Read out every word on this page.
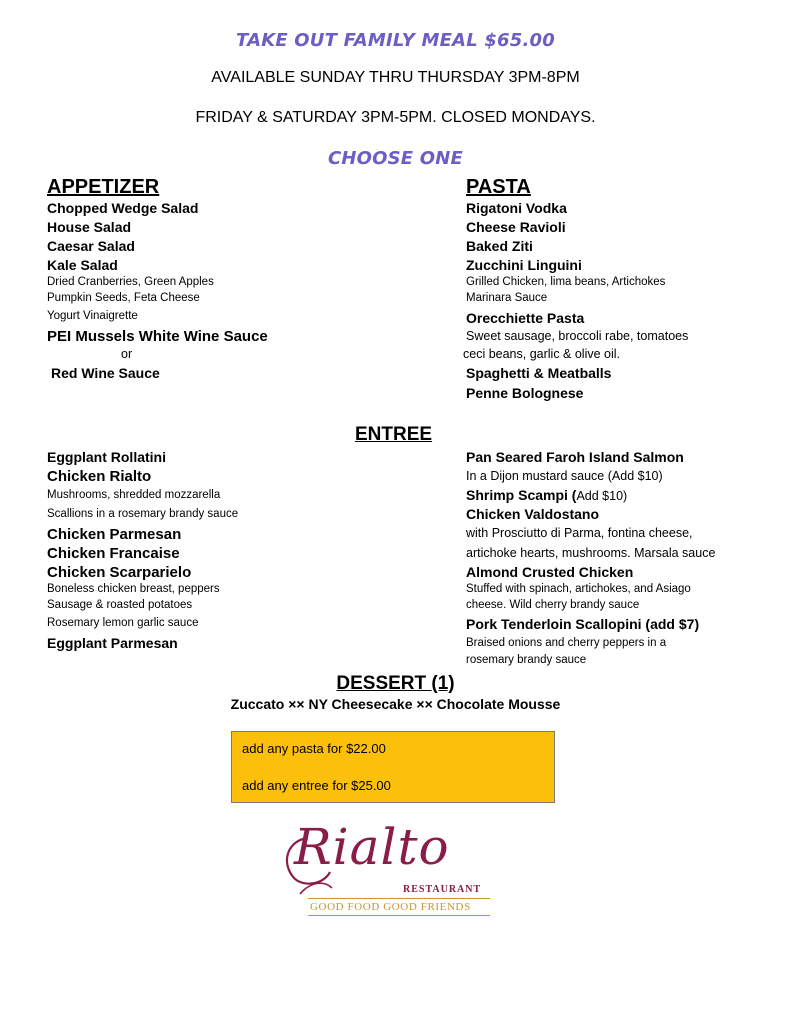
TAKE OUT FAMILY MEAL $65.00
AVAILABLE SUNDAY THRU THURSDAY 3PM-8PM
FRIDAY & SATURDAY 3PM-5PM. CLOSED MONDAYS.
CHOOSE ONE
APPETIZER
Chopped Wedge Salad
House Salad
Caesar Salad
Kale Salad
Dried Cranberries, Green Apples
Pumpkin Seeds, Feta Cheese
Yogurt Vinaigrette
PEI Mussels White Wine Sauce
or
Red Wine Sauce
PASTA
Rigatoni Vodka
Cheese Ravioli
Baked Ziti
Zucchini Linguini
Grilled Chicken, lima beans, Artichokes
Marinara Sauce
Orecchiette Pasta
Sweet sausage, broccoli rabe, tomatoes
ceci beans, garlic & olive oil.
Spaghetti & Meatballs
Penne Bolognese
ENTREE
Eggplant Rollatini
Chicken Rialto
Mushrooms, shredded mozzarella
Scallions in a rosemary brandy sauce
Chicken Parmesan
Chicken Francaise
Chicken Scarparielo
Boneless chicken breast, peppers
Sausage & roasted potatoes
Rosemary lemon garlic sauce
Eggplant Parmesan
Pan Seared Faroh Island Salmon
In a Dijon mustard sauce (Add $10)
Shrimp Scampi (Add $10)
Chicken Valdostano
with Prosciutto di Parma, fontina cheese,
artichoke hearts, mushrooms. Marsala sauce
Almond Crusted Chicken
Stuffed with spinach, artichokes, and Asiago
cheese. Wild cherry brandy sauce
Pork Tenderloin Scallopini (add $7)
Braised onions and cherry peppers in a
rosemary brandy sauce
DESSERT (1)
Zuccato ×× NY Cheesecake ×× Chocolate Mousse
add any pasta for $22.00
add any entree for $25.00
Rialto
RESTAURANT
GOOD FOOD GOOD FRIENDS
